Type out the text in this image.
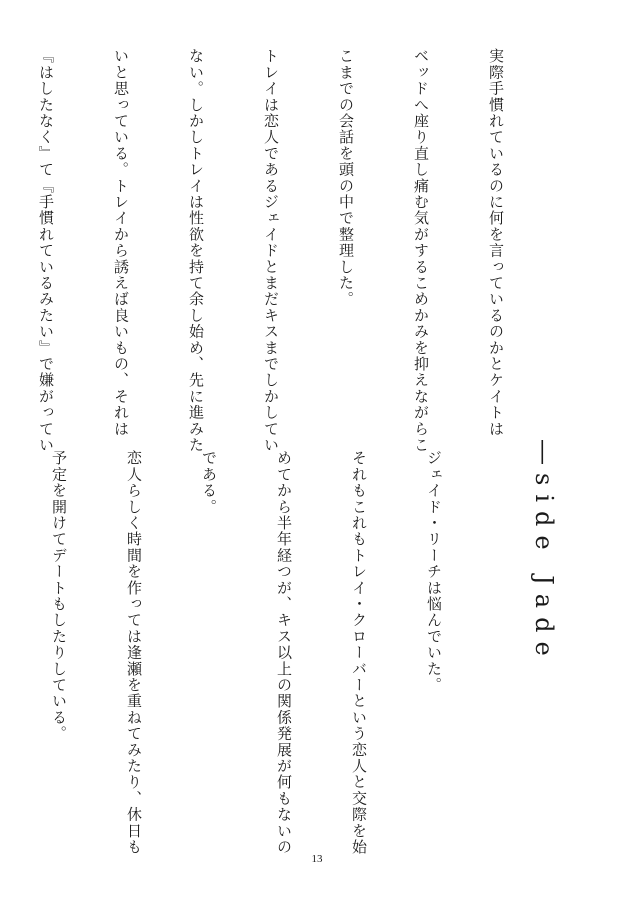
実際手慣れているのに何を言っているのかとケイトは

ベッドへ座り直し痛む気がするこめかみを抑えながらこ

こまでの会話を頭の中で整理した。

トレイは恋人であるジェイドとまだキスまでしかしてい

ない。しかしトレイは性欲を持て余し始め、先に進みた

いと思っている。トレイから誘えば良いもの、それは

『はしたなく』て『手慣れているみたい』で嫌がってい

―side Jade

ジェイド・リーチは悩んでいた。

それもこれもトレイ・クローバーという恋人と交際を始

めてから半年経つが、キス以上の関係発展が何もないの

である。

恋人らしく時間を作っては逢瀬を重ねてみたり、休日も

予定を開けてデートもしたりしている。

13
